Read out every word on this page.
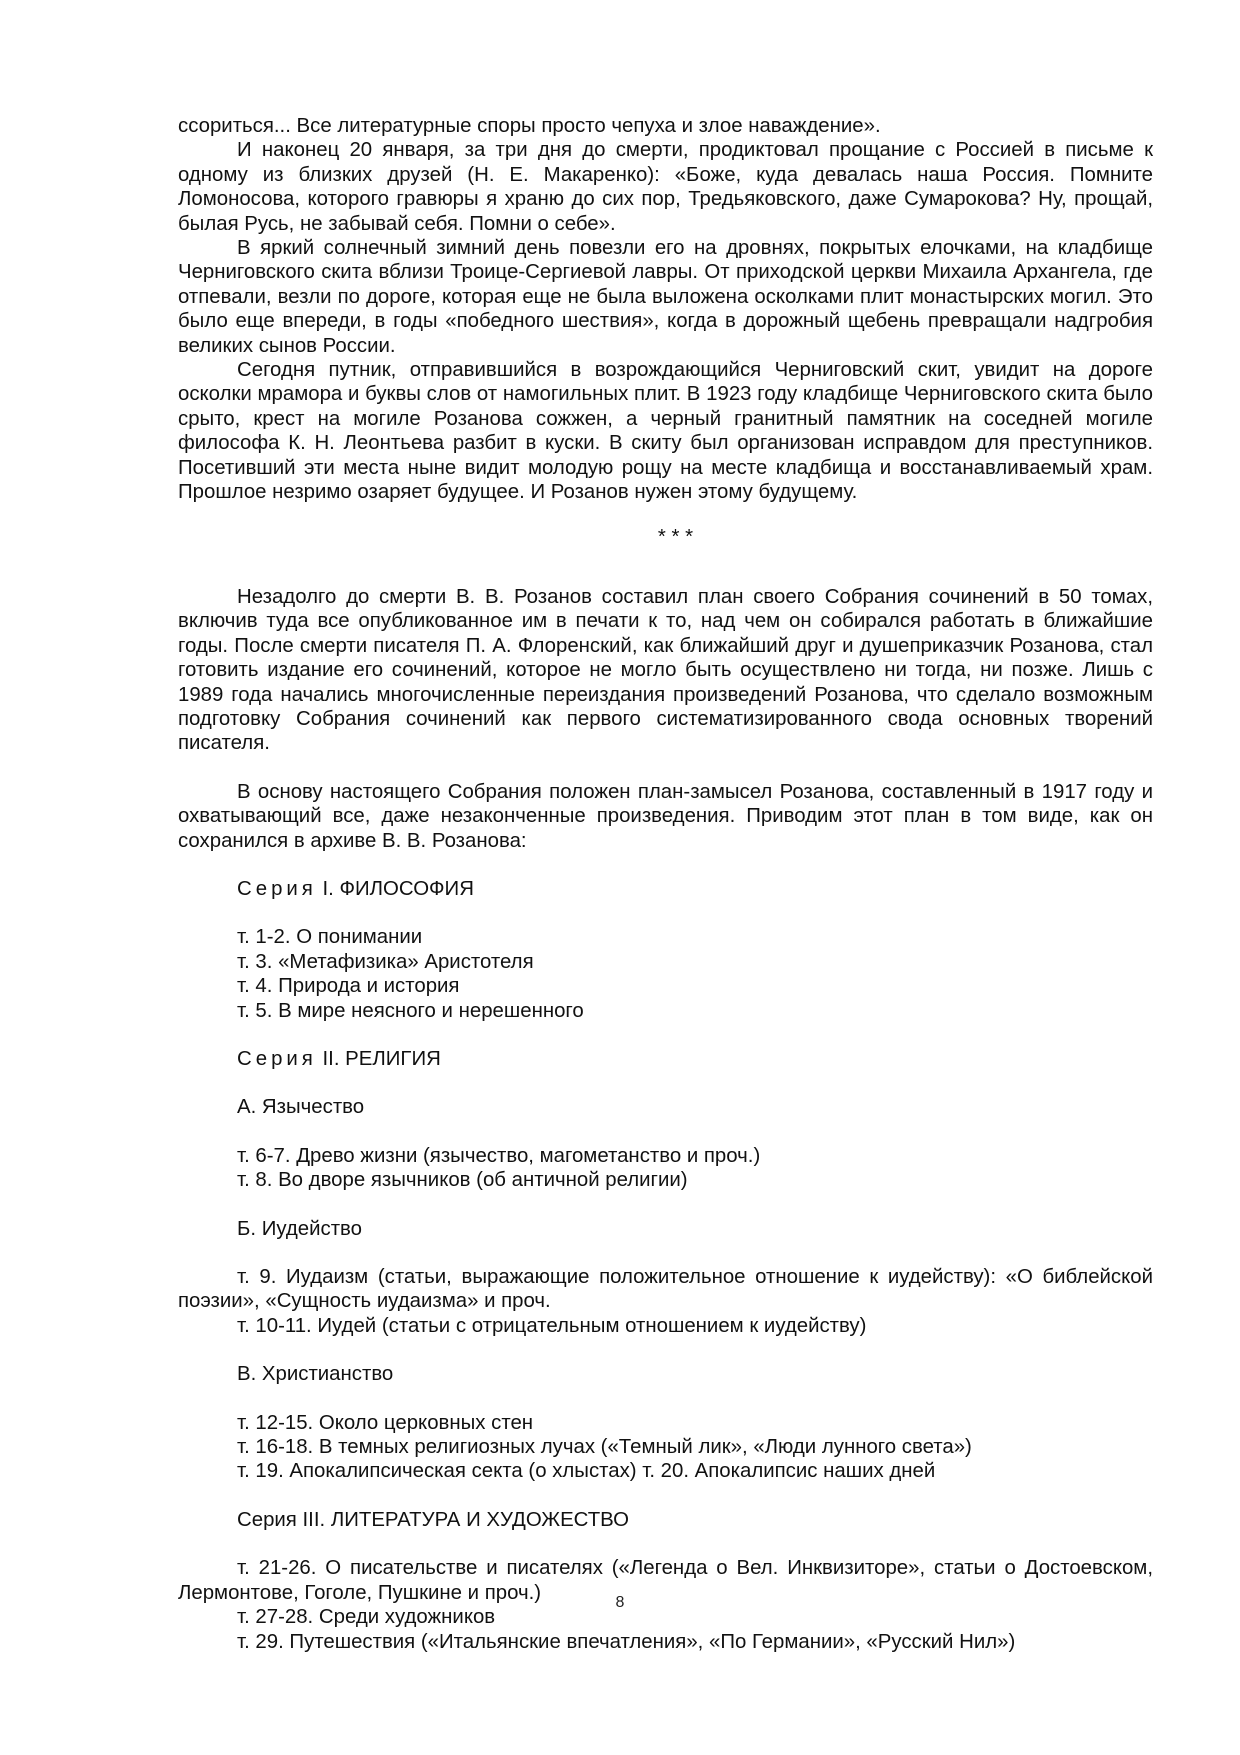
ссориться... Все литературные споры просто чепуха и злое наваждение».

И наконец 20 января, за три дня до смерти, продиктовал прощание с Россией в письме к одному из близких друзей (Н. Е. Макаренко): «Боже, куда девалась наша Россия. Помните Ломоносова, которого гравюры я храню до сих пор, Тредьяковского, даже Сумарокова? Ну, прощай, былая Русь, не забывай себя. Помни о себе».

В яркий солнечный зимний день повезли его на дровнях, покрытых елочками, на кладбище Черниговского скита вблизи Троице-Сергиевой лавры. От приходской церкви Михаила Архангела, где отпевали, везли по дороге, которая еще не была выложена осколками плит монастырских могил. Это было еще впереди, в годы «победного шествия», когда в дорожный щебень превращали надгробия великих сынов России.

Сегодня путник, отправившийся в возрождающийся Черниговский скит, увидит на дороге осколки мрамора и буквы слов от намогильных плит. В 1923 году кладбище Черниговского скита было срыто, крест на могиле Розанова сожжен, а черный гранитный памятник на соседней могиле философа К. Н. Леонтьева разбит в куски. В скиту был организован исправдом для преступников. Посетивший эти места ныне видит молодую рощу на месте кладбища и восстанавливаемый храм. Прошлое незримо озаряет будущее. И Розанов нужен этому будущему.

* * *

Незадолго до смерти В. В. Розанов составил план своего Собрания сочинений в 50 томах, включив туда все опубликованное им в печати к то, над чем он собирался работать в ближайшие годы. После смерти писателя П. А. Флоренский, как ближайший друг и душеприказчик Розанова, стал готовить издание его сочинений, которое не могло быть осуществлено ни тогда, ни позже. Лишь с 1989 года начались многочисленные переиздания произведений Розанова, что сделало возможным подготовку Собрания сочинений как первого систематизированного свода основных творений писателя.

В основу настоящего Собрания положен план-замысел Розанова, составленный в 1917 году и охватывающий все, даже незаконченные произведения. Приводим этот план в том виде, как он сохранился в архиве В. В. Розанова:

Серия I. ФИЛОСОФИЯ

т. 1-2. О понимании

т. 3. «Метафизика» Аристотеля

т. 4. Природа и история

т. 5. В мире неясного и нерешенного

Серия II. РЕЛИГИЯ

А. Язычество

т. 6-7. Древо жизни (язычество, магометанство и проч.)

т. 8. Во дворе язычников (об античной религии)

Б. Иудейство

т. 9. Иудаизм (статьи, выражающие положительное отношение к иудейству): «О библейской поэзии», «Сущность иудаизма» и проч.

т. 10-11. Иудей (статьи с отрицательным отношением к иудейству)

В. Христианство

т. 12-15. Около церковных стен

т. 16-18. В темных религиозных лучах («Темный лик», «Люди лунного света»)

т. 19. Апокалипсическая секта (о хлыстах) т. 20. Апокалипсис наших дней

Серия III. ЛИТЕРАТУРА И ХУДОЖЕСТВО

т. 21-26. О писательстве и писателях («Легенда о Вел. Инквизиторе», статьи о Достоевском, Лермонтове, Гоголе, Пушкине и проч.)

т. 27-28. Среди художников

т. 29. Путешествия («Итальянские впечатления», «По Германии», «Русский Нил»)

8
